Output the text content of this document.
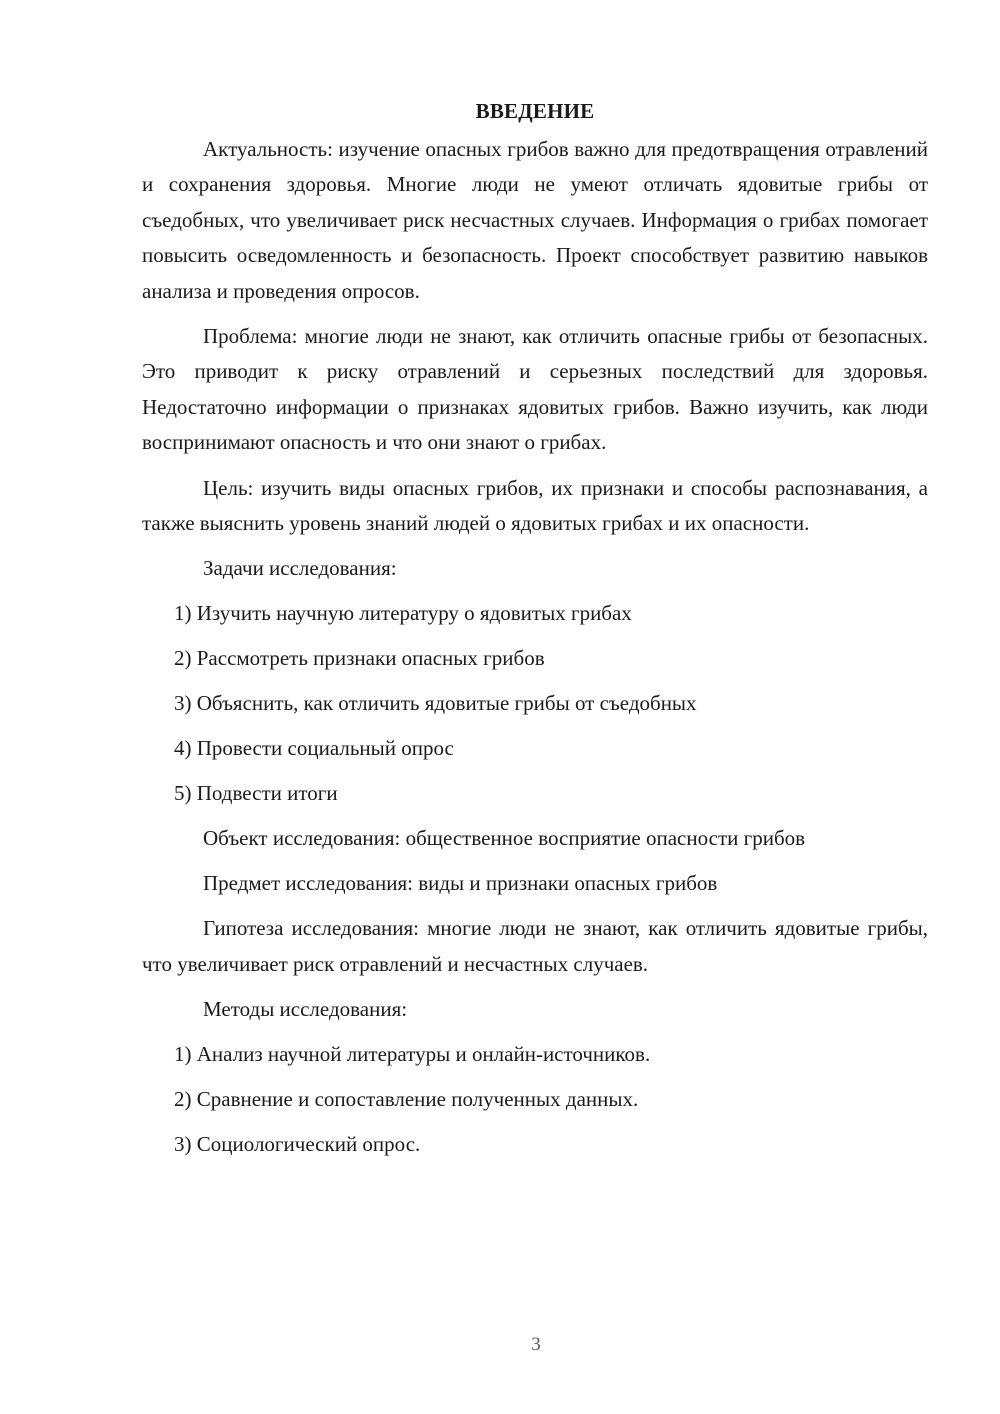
ВВЕДЕНИЕ

Актуальность: изучение опасных грибов важно для предотвращения отравлений и сохранения здоровья. Многие люди не умеют отличать ядовитые грибы от съедобных, что увеличивает риск несчастных случаев. Информация о грибах помогает повысить осведомленность и безопасность. Проект способствует развитию навыков анализа и проведения опросов.

Проблема: многие люди не знают, как отличить опасные грибы от безопасных. Это приводит к риску отравлений и серьезных последствий для здоровья. Недостаточно информации о признаках ядовитых грибов. Важно изучить, как люди воспринимают опасность и что они знают о грибах.

Цель: изучить виды опасных грибов, их признаки и способы распознавания, а также выяснить уровень знаний людей о ядовитых грибах и их опасности.

Задачи исследования:
1) Изучить научную литературу о ядовитых грибах
2) Рассмотреть признаки опасных грибов
3) Объяснить, как отличить ядовитые грибы от съедобных
4) Провести социальный опрос
5) Подвести итоги
Объект исследования: общественное восприятие опасности грибов
Предмет исследования: виды и признаки опасных грибов

Гипотеза исследования: многие люди не знают, как отличить ядовитые грибы, что увеличивает риск отравлений и несчастных случаев.

Методы исследования:
1) Анализ научной литературы и онлайн-источников.
2) Сравнение и сопоставление полученных данных.
3) Социологический опрос.
3
